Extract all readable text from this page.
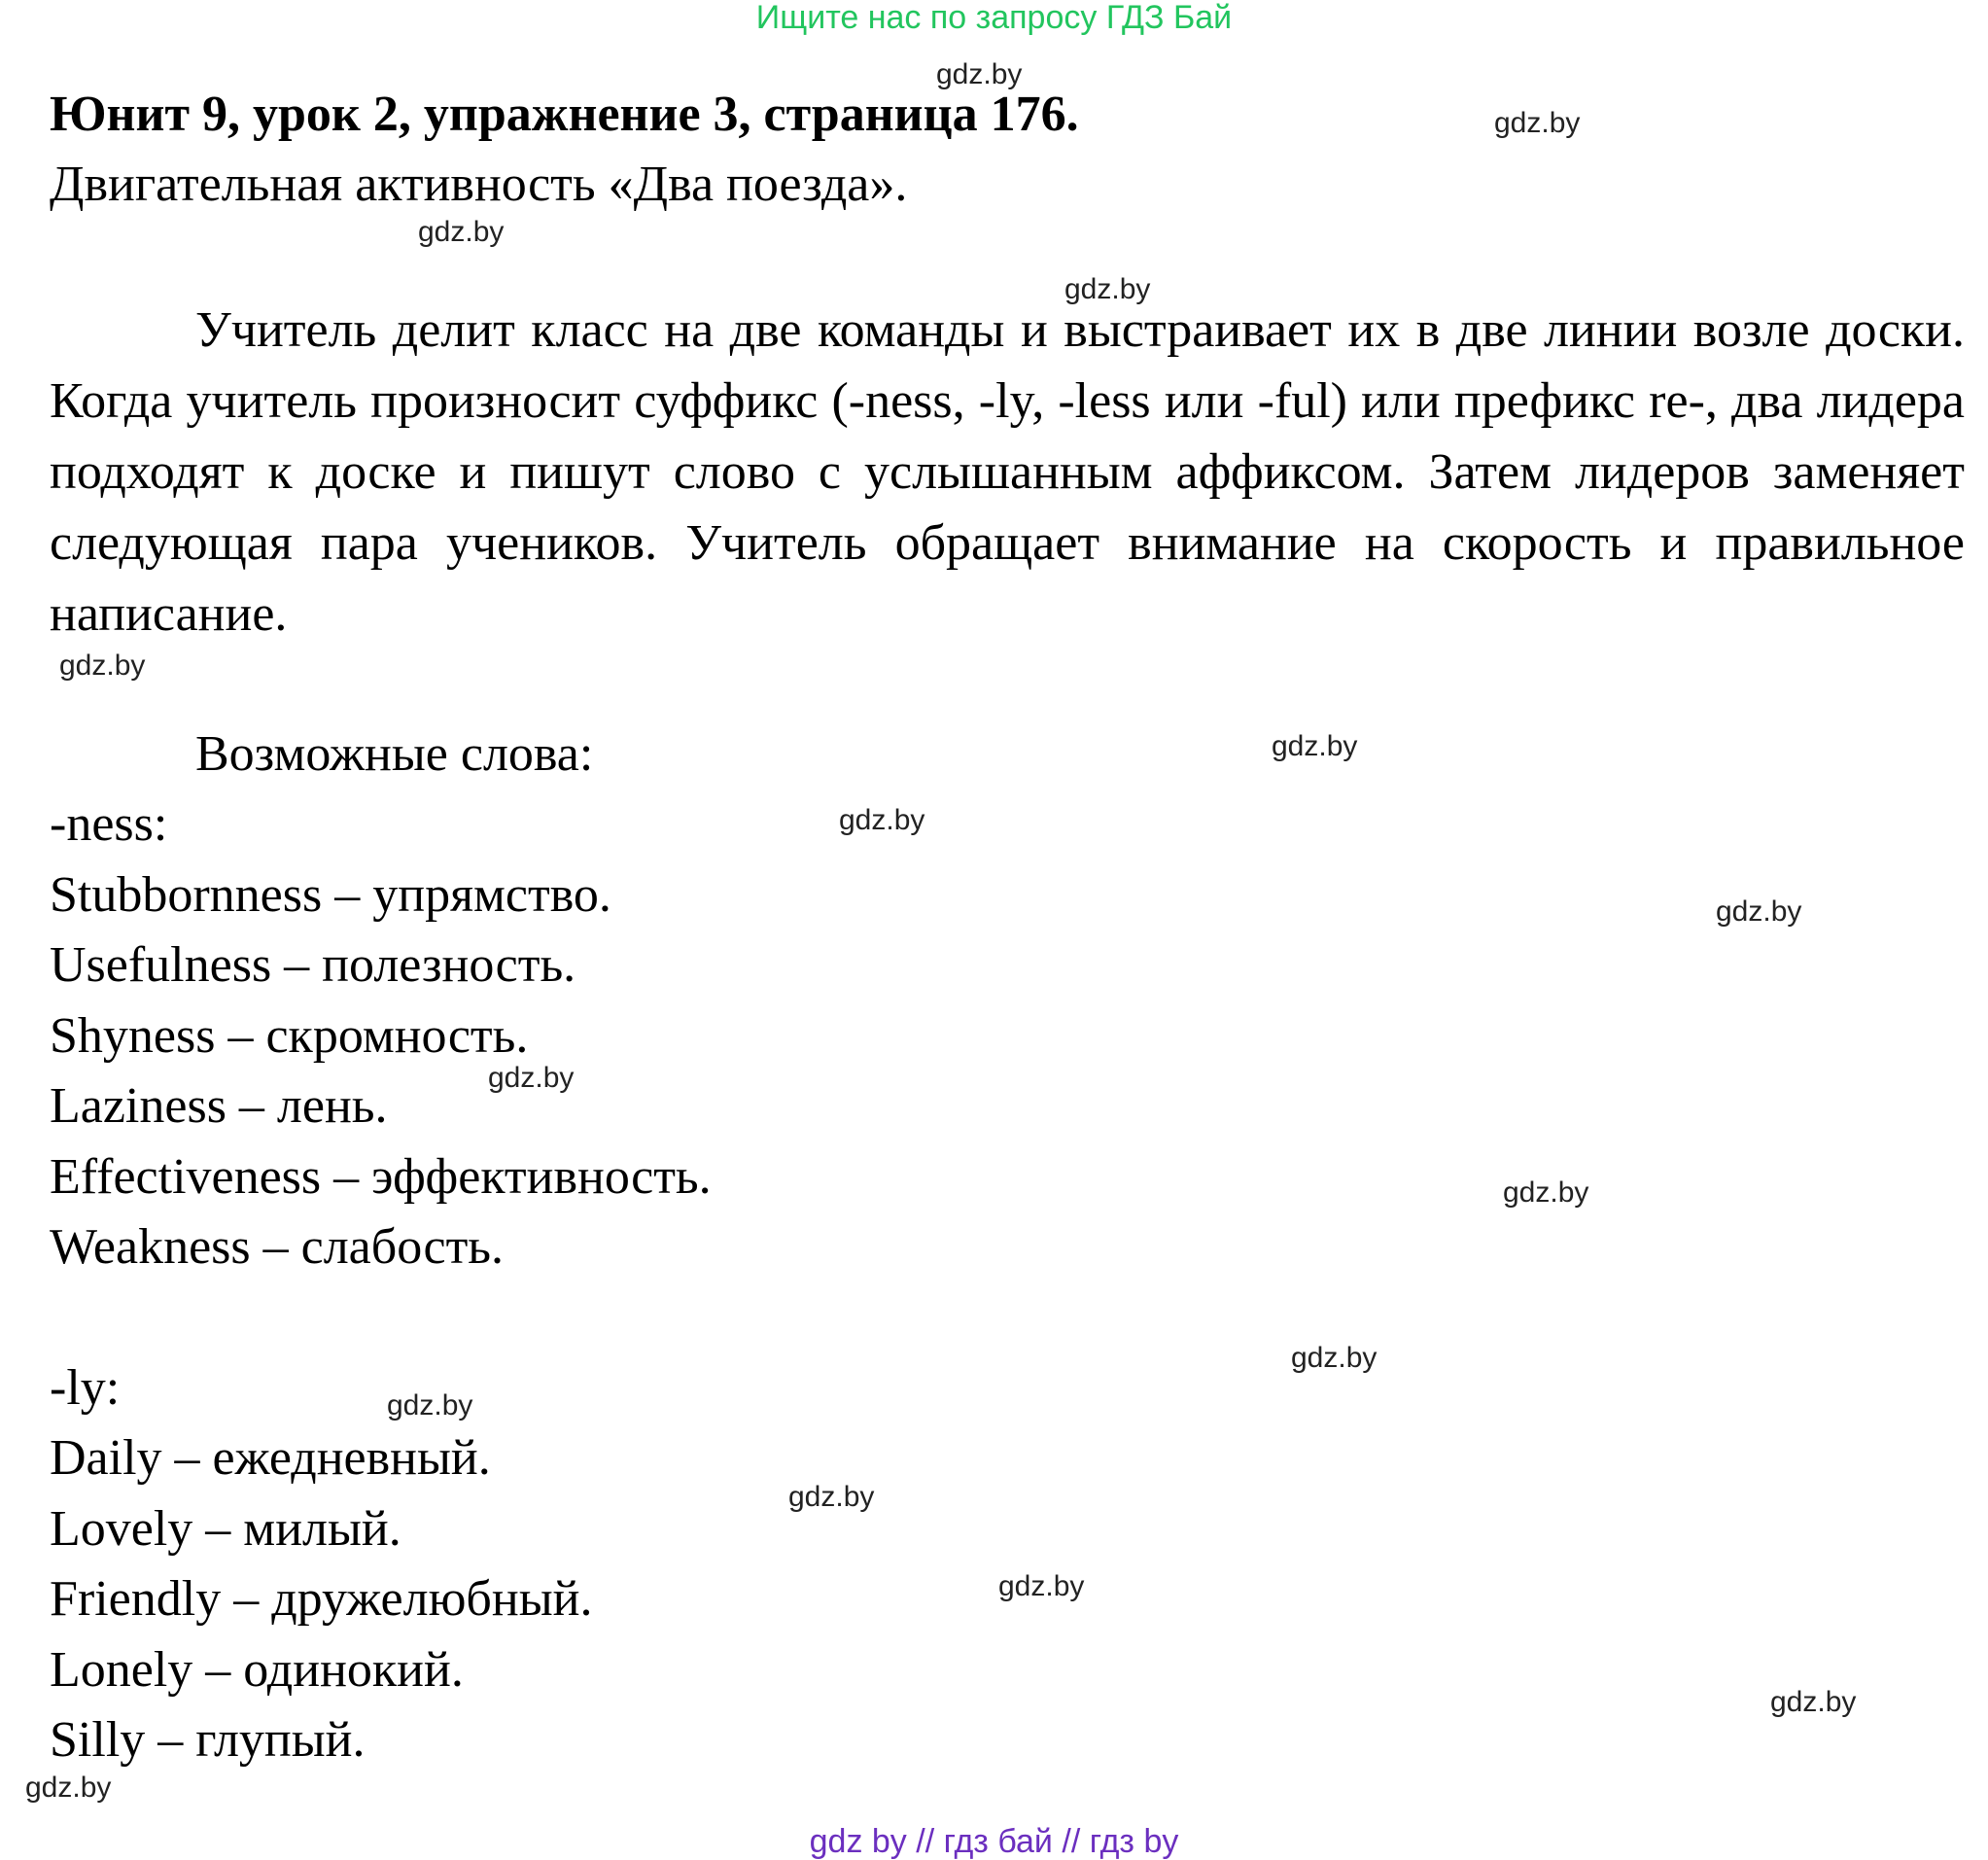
Ищите нас по запросу ГДЗ Бай
Юнит 9, урок 2, упражнение 3, страница 176.
Двигательная активность «Два поезда».

Учитель делит класс на две команды и выстраивает их в две линии возле доски. Когда учитель произносит суффикс (-ness, -ly, -less или -ful) или префикс re-, два лидера подходят к доске и пишут слово с услышанным аффиксом. Затем лидеров заменяет следующая пара учеников. Учитель обращает внимание на скорость и правильное написание.

Возможные слова:
-ness:
Stubbornness – упрямство.
Usefulness – полезность.
Shyness – скромность.
Laziness – лень.
Effectiveness – эффективность.
Weakness – слабость.
-ly:
Daily – ежедневный.
Lovely – милый.
Friendly – дружелюбный.
Lonely – одинокий.
Silly – глупый.
gdz.by
gdz.by
gdz.by
gdz.by
gdz.by
gdz.by
gdz.by
gdz.by
gdz.by
gdz.by
gdz.by
gdz.by
gdz.by
gdz.by
gdz.by
gdz.by
gdz by // гдз бай // гдз by
